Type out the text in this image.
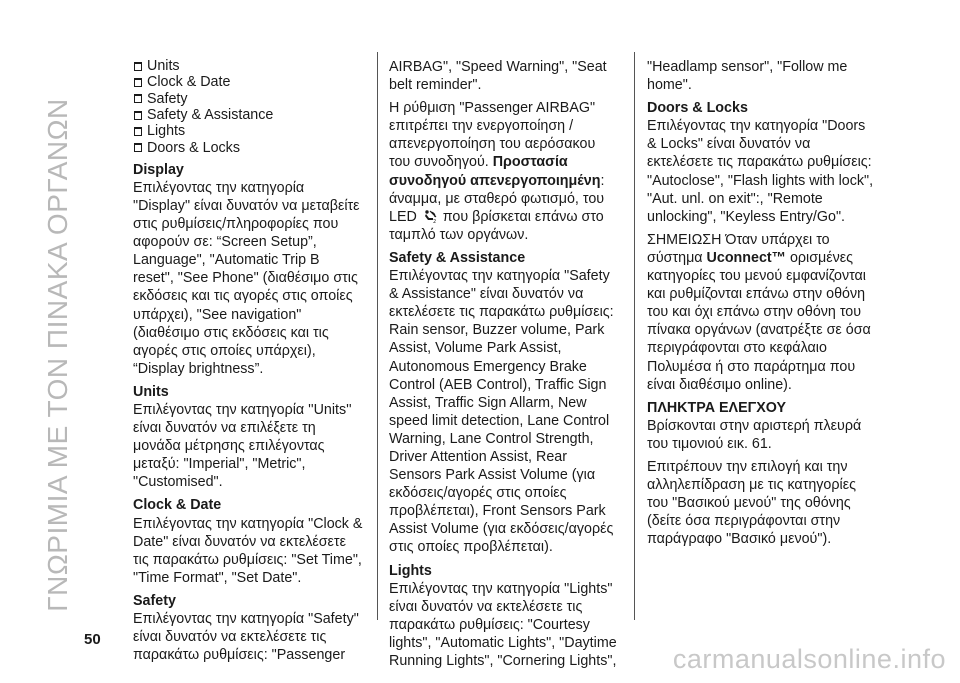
ΓΝΩΡΙΜΙΑ ΜΕ ΤΟΝ ΠΙΝΑΚΑ ΟΡΓΑΝΩΝ
Units
Clock & Date
Safety
Safety & Assistance
Lights
Doors & Locks
Display

Επιλέγοντας την κατηγορία "Display" είναι δυνατόν να μεταβείτε στις ρυθμίσεις/πληροφορίες που αφορούν σε: “Screen Setup”, Language", "Automatic Trip B reset", "See Phone" (διαθέσιμο στις εκδόσεις και τις αγορές στις οποίες υπάρχει), "See navigation" (διαθέσιμο στις εκδόσεις και τις αγορές στις οποίες υπάρχει), “Display brightness”.

Units

Επιλέγοντας την κατηγορία ''Units'' είναι δυνατόν να επιλέξετε τη μονάδα μέτρησης επιλέγοντας μεταξύ: "Imperial", "Metric", "Customised".

Clock & Date

Επιλέγοντας την κατηγορία "Clock & Date" είναι δυνατόν να εκτελέσετε τις παρακάτω ρυθμίσεις: "Set Time", "Time Format", "Set Date".

Safety

Επιλέγοντας την κατηγορία "Safety" είναι δυνατόν να εκτελέσετε τις παρακάτω ρυθμίσεις: "Passenger

AIRBAG", "Speed Warning", "Seat belt reminder".

Η ρύθμιση "Passenger AIRBAG" επιτρέπει την ενεργοποίηση / απενεργοποίηση του αερόσακου του συνοδηγού. Προστασία συνοδηγού απενεργοποιημένη: άναμμα, με σταθερό φωτισμό, του LED 2 που βρίσκεται επάνω στο ταμπλό των οργάνων.

Safety & Assistance

Επιλέγοντας την κατηγορία "Safety & Assistance" είναι δυνατόν να εκτελέσετε τις παρακάτω ρυθμίσεις: Rain sensor, Buzzer volume, Park Assist, Volume Park Assist, Autonomous Emergency Brake Control (AEB Control), Traffic Sign Assist, Traffic Sign Allarm, New speed limit detection, Lane Control Warning, Lane Control Strength, Driver Attention Assist, Rear Sensors Park Assist Volume (για εκδόσεις/αγορές στις οποίες προβλέπεται), Front Sensors Park Assist Volume (για εκδόσεις/αγορές στις οποίες προβλέπεται).

Lights

Επιλέγοντας την κατηγορία "Lights" είναι δυνατόν να εκτελέσετε τις παρακάτω ρυθμίσεις: "Courtesy lights", "Automatic Lights", "Daytime Running Lights", "Cornering Lights",

"Headlamp sensor", "Follow me home".

Doors & Locks

Επιλέγοντας την κατηγορία "Doors & Locks" είναι δυνατόν να εκτελέσετε τις παρακάτω ρυθμίσεις: "Autoclose", "Flash lights with lock", "Aut. unl. on exit":, "Remote unlocking", "Keyless Entry/Go".

ΣΗΜΕΙΩΣΗ Όταν υπάρχει το σύστημα Uconnect™ ορισμένες κατηγορίες του μενού εμφανίζονται και ρυθμίζονται επάνω στην οθόνη του και όχι επάνω στην οθόνη του πίνακα οργάνων (ανατρέξτε σε όσα περιγράφονται στο κεφάλαιο Πολυμέσα ή στο παράρτημα που είναι διαθέσιμο online).

ΠΛΗΚΤΡΑ ΕΛΕΓΧΟΥ

Βρίσκονται στην αριστερή πλευρά του τιμονιού εικ. 61.

Επιτρέπουν την επιλογή και την αλληλεπίδραση με τις κατηγορίες του "Βασικού μενού" της οθόνης (δείτε όσα περιγράφονται στην παράγραφο "Βασικό μενού").

50
carmanualsonline.info
